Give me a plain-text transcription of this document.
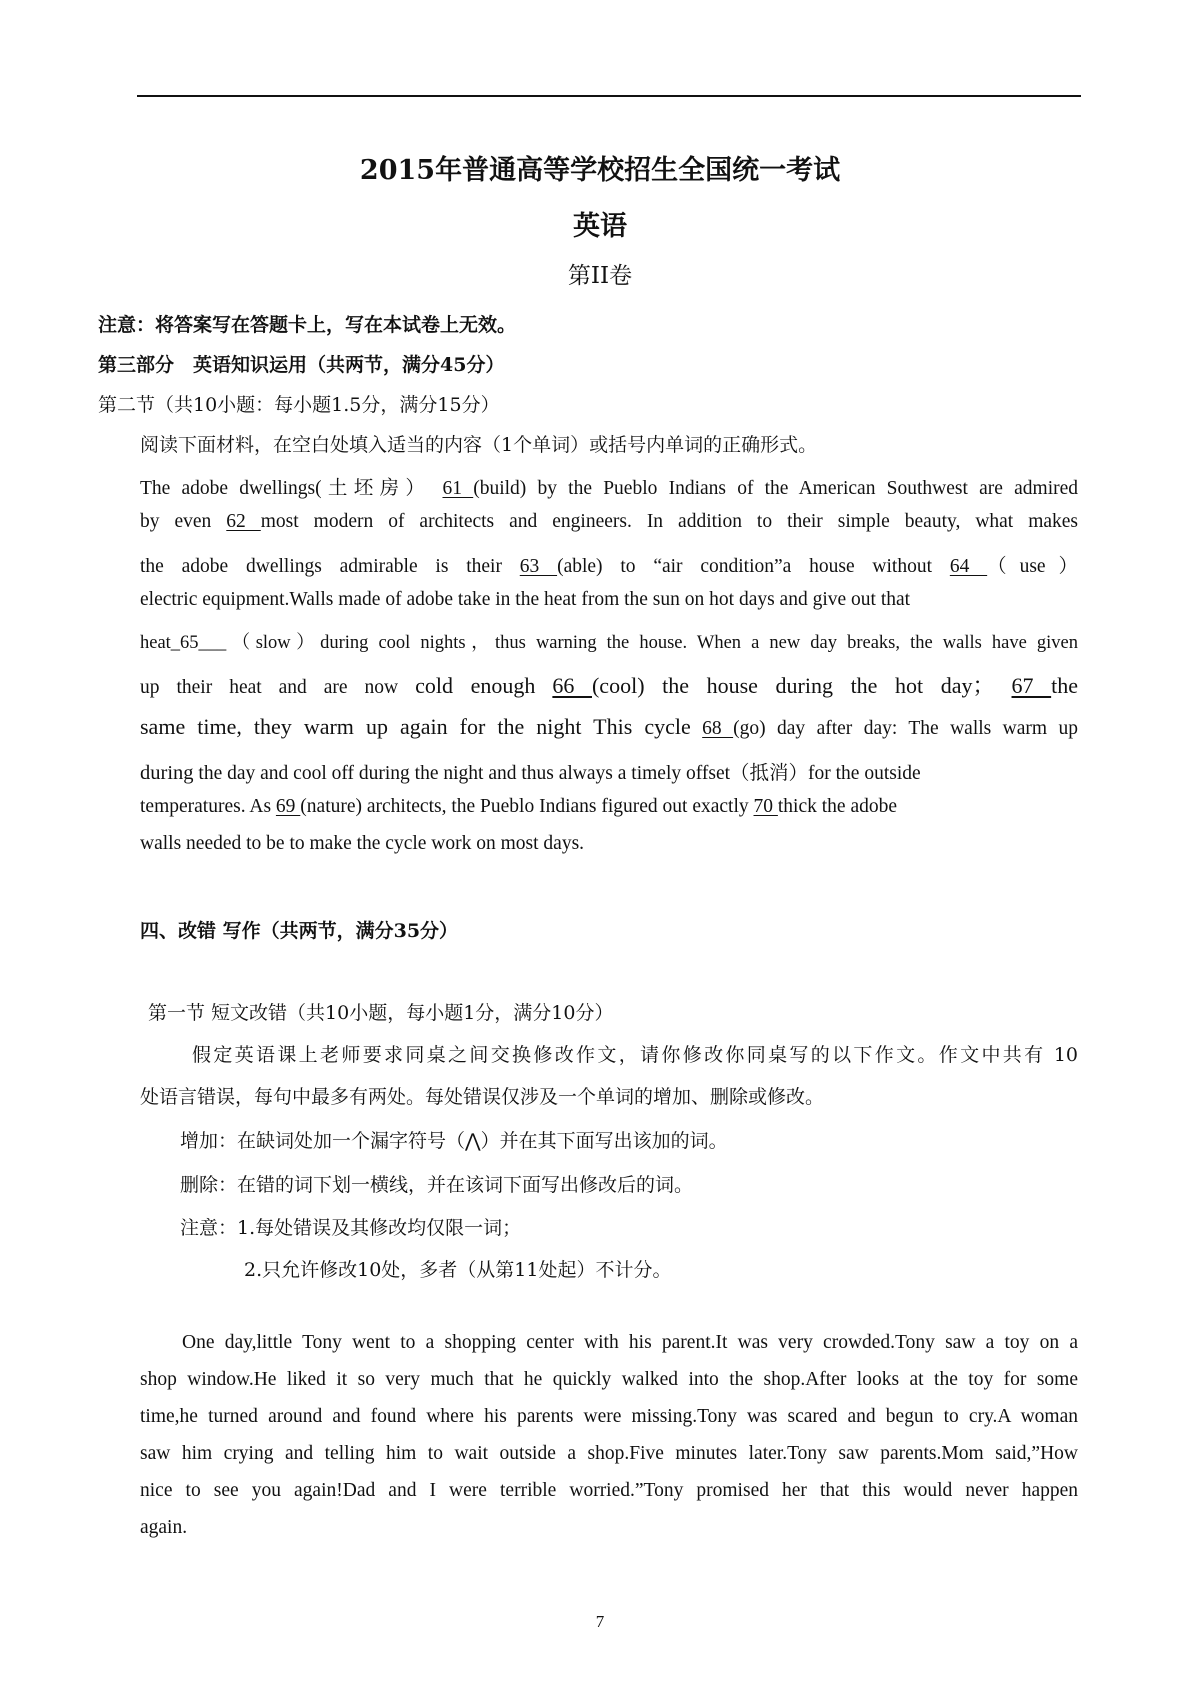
2015年普通高等学校招生全国统一考试
英语
第II卷
注意：将答案写在答题卡上，写在本试卷上无效。
第三部分　英语知识运用（共两节，满分45分）
第二节（共10小题：每小题1.5分，满分15分）
阅读下面材料，在空白处填入适当的内容（1个单词）或括号内单词的正确形式。
The adobe dwellings(土坯房） 61 (build) by the Pueblo Indians of the American Southwest are admired
by even 62 most modern of architects and engineers. In addition to their simple beauty, what makes
the adobe dwellings admirable is their 63 (able) to “air condition”a house without 64 （use）
electric equipment.Walls made of adobe take in the heat from the sun on hot days and give out that
heat_65___（slow）during cool nights，thus warning the house. When a new day breaks, the walls have given
up their heat and are now cold enough 66 (cool) the house during the hot day； 67 the
same time, they warm up again for the night This cycle 68 (go) day after day: The walls warm up
during the day and cool off during the night and thus always a timely offset（抵消）for the outside
temperatures. As 69 (nature) architects, the Pueblo Indians figured out exactly 70 thick the adobe
walls needed to be to make the cycle work on most days.
四、改错 写作（共两节，满分35分）
第一节 短文改错（共10小题，每小题1分，满分10分）
假定英语课上老师要求同桌之间交换修改作文，请你修改你同桌写的以下作文。作文中共有 10
处语言错误，每句中最多有两处。每处错误仅涉及一个单词的增加、删除或修改。
增加：在缺词处加一个漏字符号（⋀）并在其下面写出该加的词。
删除：在错的词下划一横线，并在该词下面写出修改后的词。
注意：1.每处错误及其修改均仅限一词；
2.只允许修改10处，多者（从第11处起）不计分。
One day,little Tony went to a shopping center with his parent.It was very crowded.Tony saw a toy on a
shop window.He liked it so very much that he quickly walked into the shop.After looks at the toy for some
time,he turned around and found where his parents were missing.Tony was scared and begun to cry.A woman
saw him crying and telling him to wait outside a shop.Five minutes later.Tony saw parents.Mom said,”How
nice to see you again!Dad and I were terrible worried.”Tony promised her that this would never happen
again.
7
